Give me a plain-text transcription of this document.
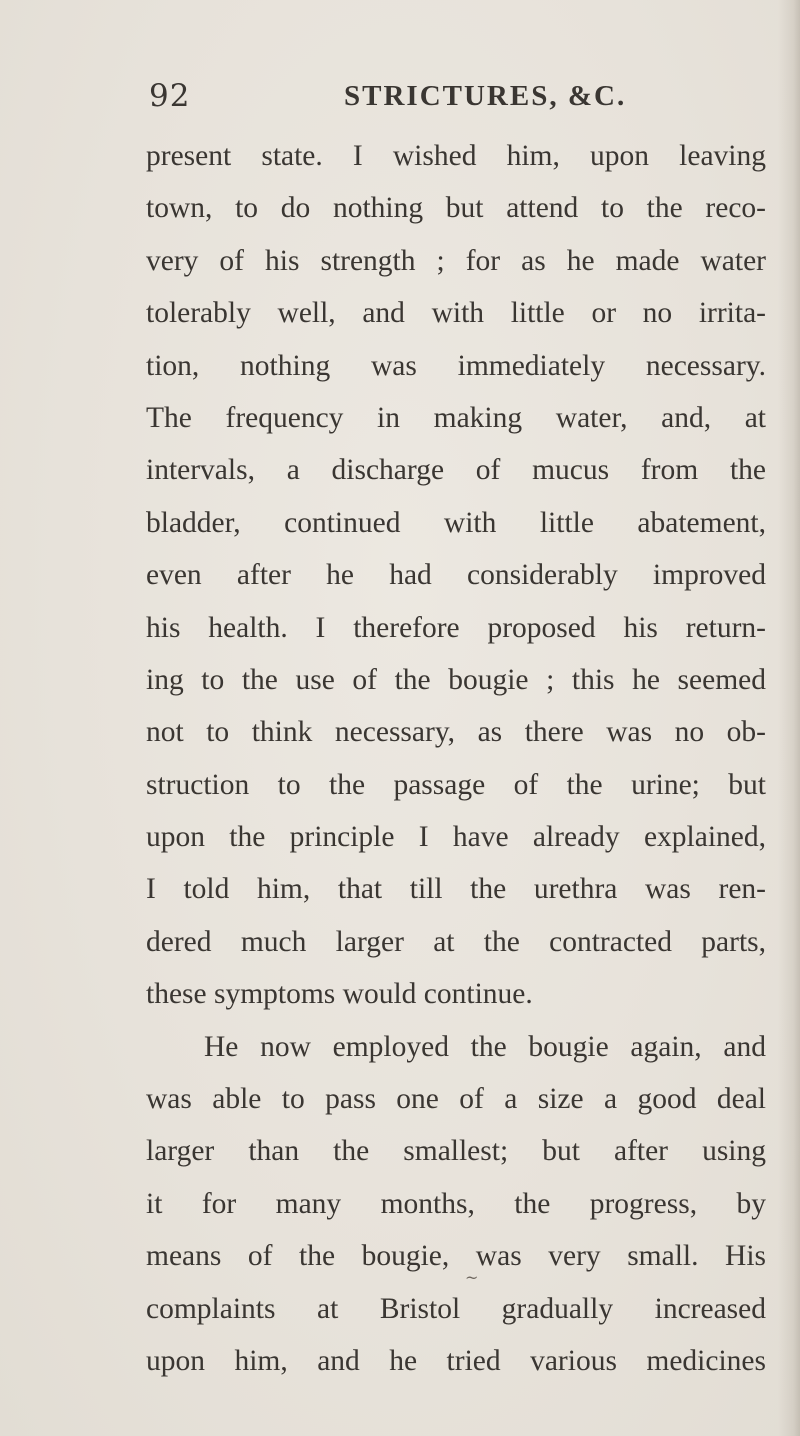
92	STRICTURES, &C.
present state. I wished him, upon leaving
town, to do nothing but attend to the reco-
very of his strength ; for as he made water
tolerably well, and with little or no irrita-
tion, nothing was immediately necessary.
The frequency in making water, and, at
intervals, a discharge of mucus from the
bladder, continued with little abatement,
even after he had considerably improved
his health. I therefore proposed his return-
ing to the use of the bougie ; this he seemed
not to think necessary, as there was no ob-
struction to the passage of the urine; but
upon the principle I have already explained,
I told him, that till the urethra was ren-
dered much larger at the contracted parts,
these symptoms would continue.
He now employed the bougie again, and
was able to pass one of a size a good deal
larger than the smallest; but after using
it for many months, the progress, by
means of the bougie, was very small. His
complaints at Bristol gradually increased
upon him, and he tried various medicines
~
